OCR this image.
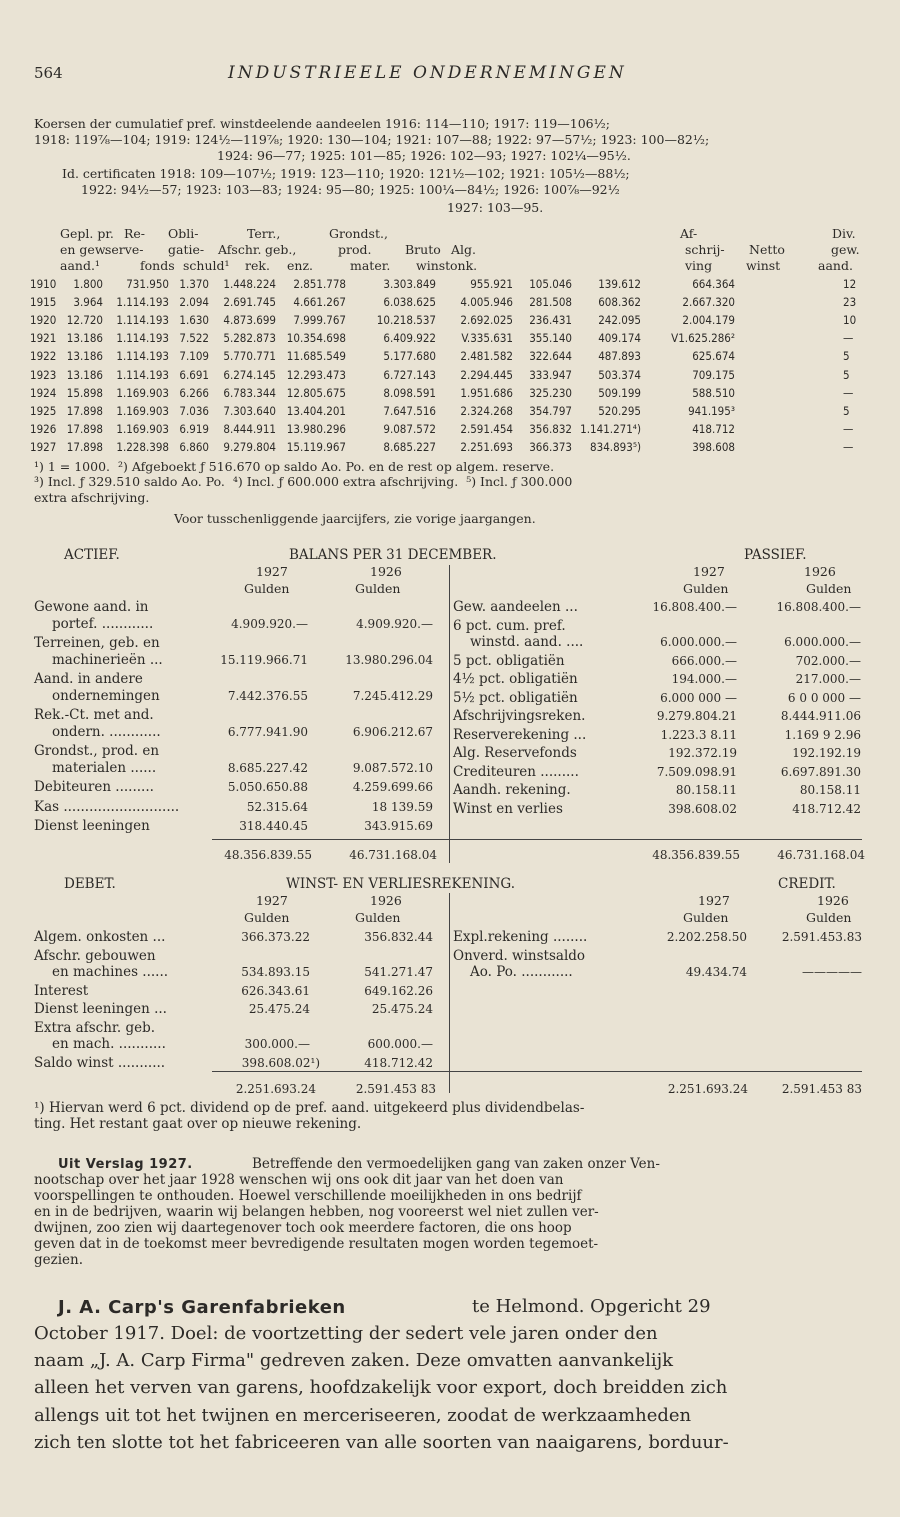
564	INDUSTRIEELE ONDERNEMINGEN
Koersen der cumulatief pref. winstdeelende aandeelen 1916: 114—110; 1917: 119—106½;
1918: 119⅞—104; 1919: 124½—119⅞; 1920: 130—104; 1921: 107—88; 1922: 97—57½; 1923: 100—82½;
1924: 96—77; 1925: 101—85; 1926: 102—93; 1927: 102¼—95½.
Id. certificaten 1918: 109—107½; 1919: 123—110; 1920: 121½—102; 1921: 105½—88½;
1922: 94½—57; 1923: 103—83; 1924: 95—80; 1925: 100¼—84½; 1926: 100⅞—92½
1927: 103—95.
Gepl. pr. Re- Obli-	Terr.,	Grondst.,	Af-	Div.
en gew.
serve- gatie- Afschr. geb.,	prod.	Bruto Alg.	schrij- Netto	gew.
aand.¹	fonds schuld¹ rek. enz.	mater. winst onk.	ving	winst	aand.
1910	1.800	731.950 1.370	1.448.224	2.851.778	3.303.849	955.921	105.046	139.612	664.364	12
1915	3.964	1.114.193 2.094	2.691.745	4.661.267	6.038.625	4.005.946	281.508	608.362	2.667.320	23
1920 12.720	1.114.193 1.630	4.873.699	7.999.767	10.218.537	2.692.025	236.431	242.095	2.004.179	10
1921 13.186	1.114.193 7.522	5.282.873 10.354.698	6.409.922	V.335.631	355.140	409.174	V1.625.286²	—
1922 13.186	1.114.193 7.109	5.770.771 11.685.549	5.177.680	2.481.582	322.644	487.893	625.674	5
1923 13.186	1.114.193 6.691	6.274.145 12.293.473	6.727.143	2.294.445	333.947	503.374	709.175	5
1924 15.898	1.169.903 6.266	6.783.344 12.805.675	8.098.591	1.951.686	325.230	509.199	588.510	—
1925 17.898	1.169.903 7.036	7.303.640 13.404.201	7.647.516	2.324.268	354.797	520.295	941.195³	5
1926 17.898	1.169.903 6.919	8.444.911 13.980.296	9.087.572	2.591.454	356.832 1.141.271⁴)	418.712	—
1927 17.898	1.228.398 6.860	9.279.804 15.119.967	8.685.227	2.251.693	366.373	834.893⁵)	398.608	—
¹) 1 = 1000.  ²) Afgeboekt ƒ 516.670 op saldo Ao. Po. en de rest op algem. reserve.
³) Incl. ƒ 329.510 saldo Ao. Po.  ⁴) Incl. ƒ 600.000 extra afschrijving.  ⁵) Incl. ƒ 300.000
extra afschrijving.
Voor tusschenliggende jaarcijfers, zie vorige jaargangen.
ACTIEF.	BALANS PER 31 DECEMBER.	PASSIEF.
1927	1926	1927	1926
Gulden	Gulden	Gulden	Gulden
Gewone aand. in
portef. ............	4.909.920.—	4.909.920.—
Terreinen, geb. en
machinerieën ...	15.119.966.71	13.980.296.04
Aand. in andere
ondernemingen	7.442.376.55	7.245.412.29
Rek.-Ct. met and.
ondern. ............	6.777.941.90	6.906.212.67
Grondst., prod. en
materialen ......	8.685.227.42	9.087.572.10
Debiteuren .........	5.050.650.88	4.259.699.66
Kas ...........................	52.315.64	18 139.59
Dienst leeningen	318.440.45	343.915.69
48.356.839.55	46.731.168.04
Gew. aandeelen ...	16.808.400.—	16.808.400.—
6 pct. cum. pref.
winstd. aand. ....	6.000.000.—	6.000.000.—
5 pct. obligatiën	666.000.—	702.000.—
4½ pct. obligatiën	194.000.—	217.000.—
5½ pct. obligatiën	6.000 000 —	6 0 0 000 —
Afschrijvingsreken.	9.279.804.21	8.444.911.06
Reserverekening ...	1.223.3 8.11	1.169 9 2.96
Alg. Reservefonds	192.372.19	192.192.19
Crediteuren .........	7.509.098.91	6.697.891.30
Aandh. rekening.	80.158.11	80.158.11
Winst en verlies	398.608.02	418.712.42
48.356.839.55	46.731.168.04
DEBET.	WINST- EN VERLIESREKENING.	CREDIT.
1927	1926	1927	1926
Gulden	Gulden	Gulden	Gulden
Algem. onkosten ...	366.373.22	356.832.44
Afschr. gebouwen
en machines ......	534.893.15	541.271.47
Interest	626.343.61	649.162.26
Dienst leeningen ...	25.475.24	25.475.24
Extra afschr. geb.
en mach. ...........	300.000.—	600.000.—
Saldo winst ...........	398.608.02¹)	418.712.42
2.251.693.24	2.591.453 83
Expl.rekening ........	2.202.258.50	2.591.453.83
Onverd. winstsaldo
Ao. Po. ............	49.434.74	—————
2.251.693.24	2.591.453 83
¹) Hiervan werd 6 pct. dividend op de pref. aand. uitgekeerd plus dividendbelas-
ting. Het restant gaat over op nieuwe rekening.
Uit Verslag 1927.	Betreffende den vermoedelijken gang van zaken onzer Ven-
nootschap over het jaar 1928 wenschen wij ons ook dit jaar van het doen van
voorspellingen te onthouden. Hoewel verschillende moeilijkheden in ons bedrijf
en in de bedrijven, waarin wij belangen hebben, nog vooreerst wel niet zullen ver-
dwijnen, zoo zien wij daartegenover toch ook meerdere factoren, die ons hoop
geven dat in de toekomst meer bevredigende resultaten mogen worden tegemoet-
gezien.
J. A. Carp's Garenfabrieken	te Helmond. Opgericht 29
October 1917. Doel: de voortzetting der sedert vele jaren onder den
naam „J. A. Carp Firma" gedreven zaken. Deze omvatten aanvankelijk
alleen het verven van garens, hoofdzakelijk voor export, doch breidden zich
allengs uit tot het twijnen en merceriseeren, zoodat de werkzaamheden
zich ten slotte tot het fabriceeren van alle soorten van naaigarens, borduur-
